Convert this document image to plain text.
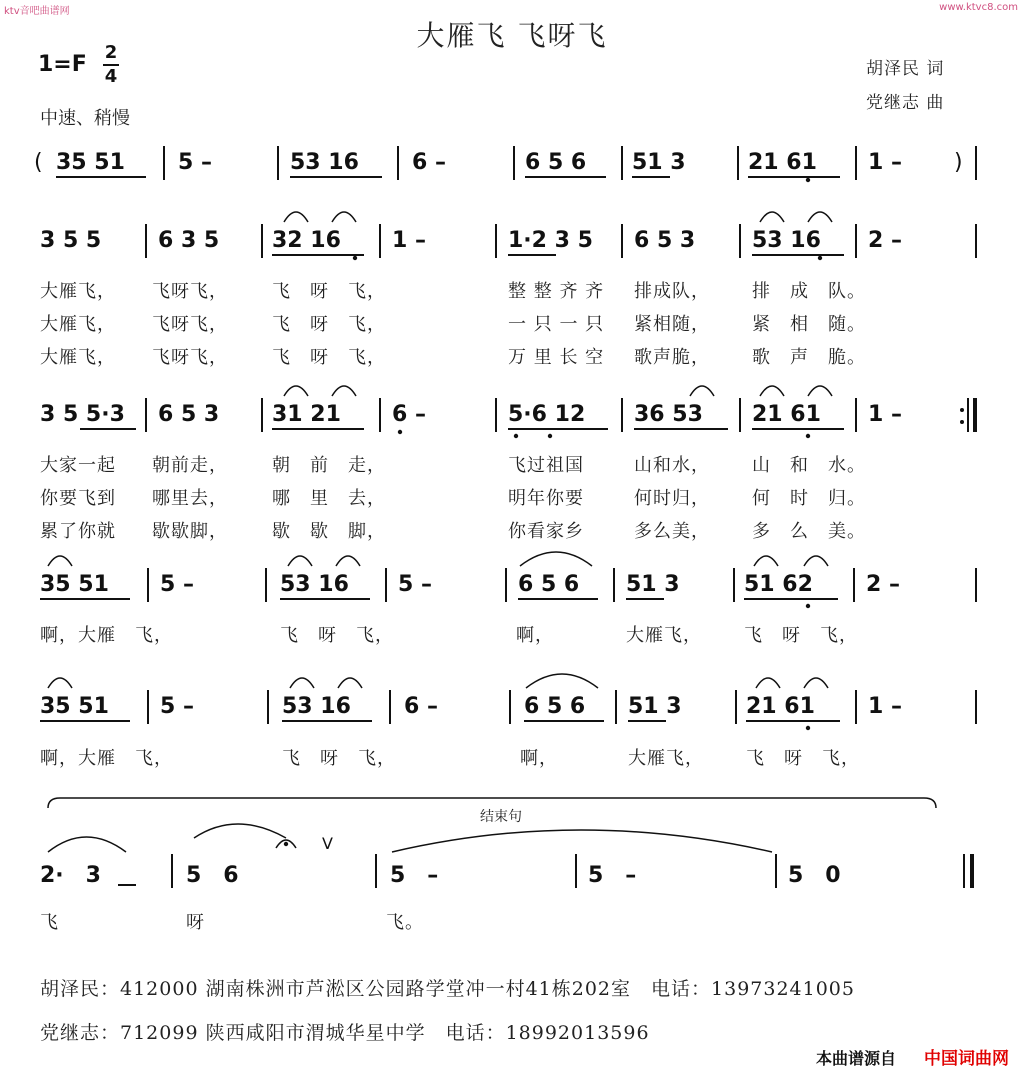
ktv音吧曲谱网	www.ktvc8.com
大雁飞 飞呀飞
1=F 2
4
中速、稍慢
胡泽民 词
党继志 曲
( 35 51 5 –	53 16 6 –	6 5 6 51 3	21 61 1 – )
3 5 5	6 3 5 32 16 1 –	1·2 3 5 6 5 3	53 16 2 –
大雁飞， 飞呀飞， 飞　呀　飞，	整 整 齐 齐 排成队， 排　成　队。
大雁飞， 飞呀飞， 飞　呀　飞，	一 只 一 只 紧相随， 紧　相　随。
大雁飞， 飞呀飞， 飞　呀　飞，	万 里 长 空 歌声脆， 歌　声　脆。
3 5 5·3 6 5 3 31 21 6 –	5·6 12 36 53 21 61 1 –
大家一起 朝前走， 朝　前　走，	飞过祖国	山和水， 山　和　水。
你要飞到 哪里去， 哪　里　去，	明年你要	何时归， 何　时　归。
累了你就 歇歇脚， 歇　歇　脚，	你看家乡	多么美， 多　么　美。
35 51 5 –	53 16 5 –	6 5 6 51 3	51 62 2 –
啊，大雁　飞，	飞　呀　飞，	啊，	大雁飞， 飞　呀　飞，
35 51 5 –	53 16 6 –	6 5 6 51 3	21 61 1 –
啊，大雁　飞，	飞　呀　飞，	啊，	大雁飞， 飞　呀　飞，
结束句
2·　3	5　6	5　–	5　–	5　0
V
飞	呀	飞。
胡泽民：412000 湖南株洲市芦淞区公园路学堂冲一村41栋202室　电话：13973241005
党继志：712099 陕西咸阳市渭城华星中学　电话：18992013596
本曲谱源自 中国词曲网
